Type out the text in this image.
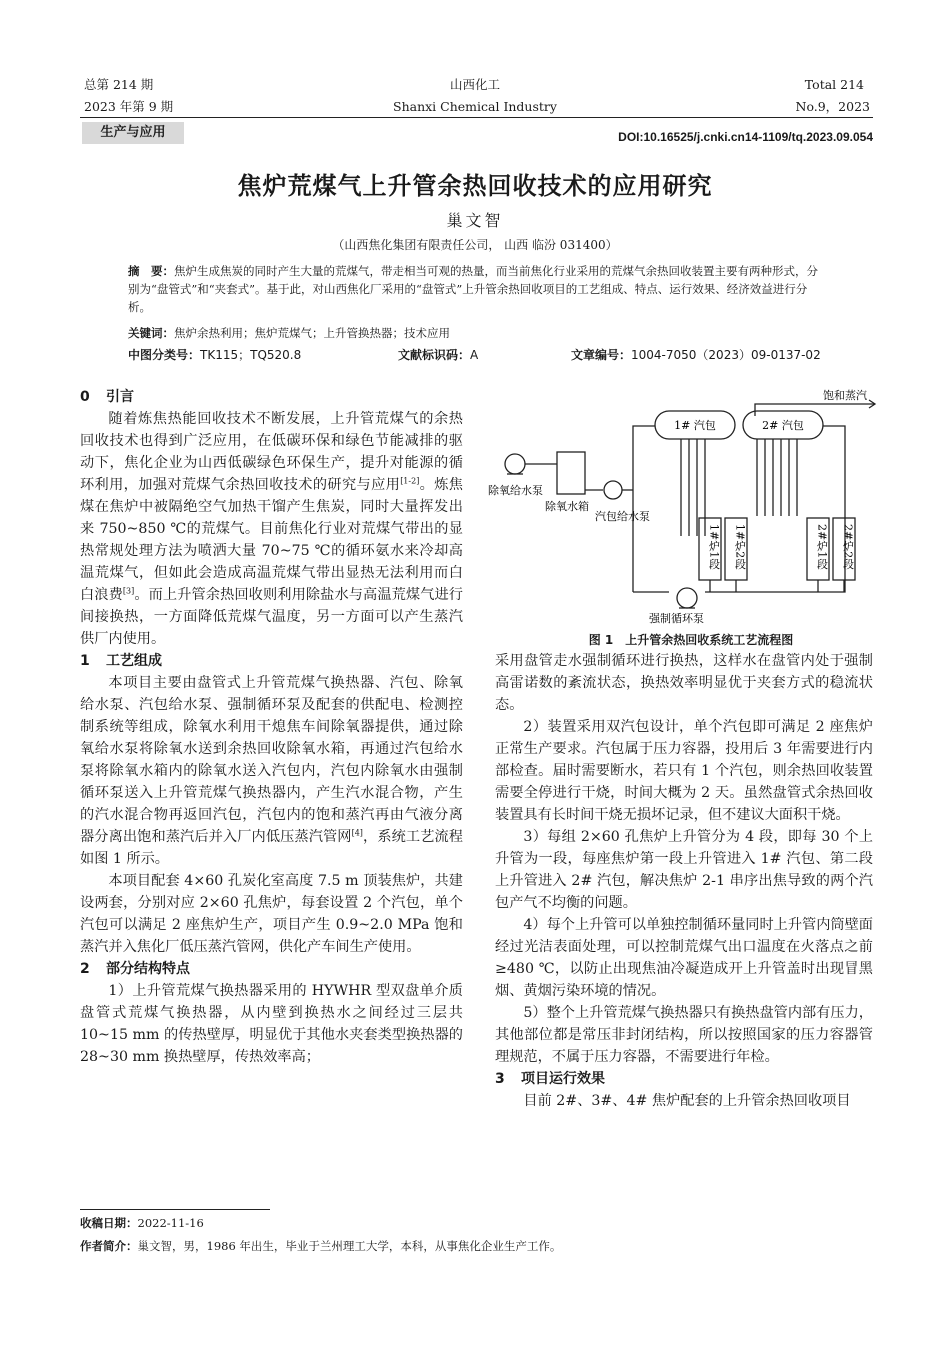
总第 214 期
2023 年第 9 期
山西化工
Shanxi Chemical Industry
Total 214
No.9，2023
生产与应用	DOI:10.16525/j.cnki.cn14-1109/tq.2023.09.054
焦炉荒煤气上升管余热回收技术的应用研究
巢文智
（山西焦化集团有限责任公司， 山西 临汾 031400）
摘　要：焦炉生成焦炭的同时产生大量的荒煤气，带走相当可观的热量，而当前焦化行业采用的荒煤气余热回收装置主要有两种形式，分别为“盘管式”和“夹套式”。基于此，对山西焦化厂采用的“盘管式”上升管余热回收项目的工艺组成、特点、运行效果、经济效益进行分析。
关键词：焦炉余热利用；焦炉荒煤气；上升管换热器；技术应用
中图分类号：TK115；TQ520.8	文献标识码：A	文章编号：1004-7050（2023）09-0137-02
0 引言

随着炼焦热能回收技术不断发展，上升管荒煤气的余热回收技术也得到广泛应用，在低碳环保和绿色节能减排的驱动下，焦化企业为山西低碳绿色环保生产，提升对能源的循环利用，加强对荒煤气余热回收技术的研究与应用[1-2]。炼焦煤在焦炉中被隔绝空气加热干馏产生焦炭，同时大量挥发出来 750~850 ℃的荒煤气。目前焦化行业对荒煤气带出的显热常规处理方法为喷洒大量 70~75 ℃的循环氨水来冷却高温荒煤气，但如此会造成高温荒煤气带出显热无法利用而白白浪费[3]。而上升管余热回收则利用除盐水与高温荒煤气进行间接换热，一方面降低荒煤气温度，另一方面可以产生蒸汽供厂内使用。

1 工艺组成

本项目主要由盘管式上升管荒煤气换热器、汽包、除氧给水泵、汽包给水泵、强制循环泵及配套的供配电、检测控制系统等组成，除氧水利用干熄焦车间除氧器提供，通过除氧给水泵将除氧水送到余热回收除氧水箱，再通过汽包给水泵将除氧水箱内的除氧水送入汽包内，汽包内除氧水由强制循环泵送入上升管荒煤气换热器内，产生汽水混合物，产生的汽水混合物再返回汽包，汽包内的饱和蒸汽再由气液分离器分离出饱和蒸汽后并入厂内低压蒸汽管网[4]，系统工艺流程如图 1 所示。

本项目配套 4×60 孔炭化室高度 7.5 m 顶装焦炉，共建设两套，分别对应 2×60 孔焦炉，每套设置 2 个汽包，单个汽包可以满足 2 座焦炉生产，项目产生 0.9~2.0 MPa 饱和蒸汽并入焦化厂低压蒸汽管网，供化产车间生产使用。

2 部分结构特点

1）上升管荒煤气换热器采用的 HYWHR 型双盘单介质盘管式荒煤气换热器，从内壁到换热水之间经过三层共 10~15 mm 的传热壁厚，明显优于其他水夹套类型换热器的 28~30 mm 换热壁厚，传热效率高；

饱和蒸汽
1# 汽包	2# 汽包
除氧给水泵
除氧水箱
汽包给水泵
强制循环泵
1#炉1段 1#炉2段	2#炉1段 2#炉2段
图 1　上升管余热回收系统工艺流程图

采用盘管走水强制循环进行换热，这样水在盘管内处于强制高雷诺数的紊流状态，换热效率明显优于夹套方式的稳流状态。

2）装置采用双汽包设计，单个汽包即可满足 2 座焦炉正常生产要求。汽包属于压力容器，投用后 3 年需要进行内部检查。届时需要断水，若只有 1 个汽包，则余热回收装置需要全停进行干烧，时间大概为 2 天。虽然盘管式余热回收装置具有长时间干烧无损坏记录，但不建议大面积干烧。

3）每组 2×60 孔焦炉上升管分为 4 段，即每 30 个上升管为一段，每座焦炉第一段上升管进入 1# 汽包、第二段上升管进入 2# 汽包，解决焦炉 2-1 串序出焦导致的两个汽包产气不均衡的问题。

4）每个上升管可以单独控制循环量同时上升管内筒壁面经过光洁表面处理，可以控制荒煤气出口温度在火落点之前≥480 ℃，以防止出现焦油冷凝造成开上升管盖时出现冒黑烟、黄烟污染环境的情况。

5）整个上升管荒煤气换热器只有换热盘管内部有压力，其他部位都是常压非封闭结构，所以按照国家的压力容器管理规范，不属于压力容器，不需要进行年检。

3 项目运行效果

目前 2#、3#、4# 焦炉配套的上升管余热回收项目

收稿日期：2022-11-16
作者简介：巢文智，男，1986 年出生，毕业于兰州理工大学，本科，从事焦化企业生产工作。
